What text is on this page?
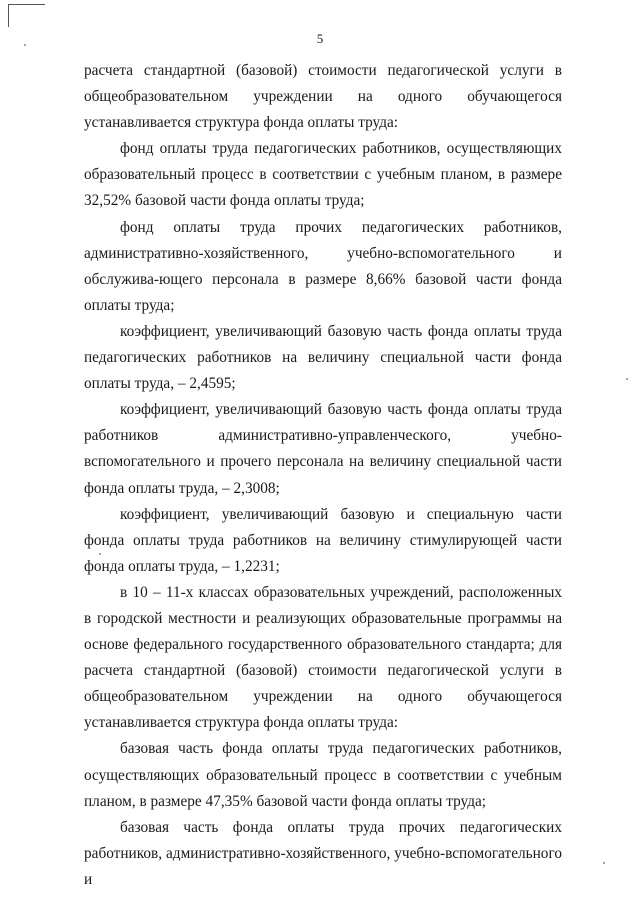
5

расчета стандартной (базовой) стоимости педагогической услуги в общеобразовательном учреждении на одного обучающегося устанавливается структура фонда оплаты труда:

фонд оплаты труда педагогических работников, осуществляющих образовательный процесс в соответствии с учебным планом, в размере 32,52% базовой части фонда оплаты труда;

фонд оплаты труда прочих педагогических работников, административно-хозяйственного, учебно-вспомогательного и обслужива-ющего персонала в размере 8,66% базовой части фонда оплаты труда;

коэффициент, увеличивающий базовую часть фонда оплаты труда педагогических работников на величину специальной части фонда оплаты труда, – 2,4595;

коэффициент, увеличивающий базовую часть фонда оплаты труда работников административно-управленческого, учебно-вспомогательного и прочего персонала на величину специальной части фонда оплаты труда, – 2,3008;

коэффициент, увеличивающий базовую и специальную части фонда оплаты труда работников на величину стимулирующей части фонда оплаты труда, – 1,2231;

в 10 – 11-х классах образовательных учреждений, расположенных в городской местности и реализующих образовательные программы на основе федерального государственного образовательного стандарта; для расчета стандартной (базовой) стоимости педагогической услуги в общеобразовательном учреждении на одного обучающегося устанавливается структура фонда оплаты труда:

базовая часть фонда оплаты труда педагогических работников, осуществляющих образовательный процесс в соответствии с учебным планом, в размере 47,35% базовой части фонда оплаты труда;

базовая часть фонда оплаты труда прочих педагогических работников, административно-хозяйственного, учебно-вспомогательного и
